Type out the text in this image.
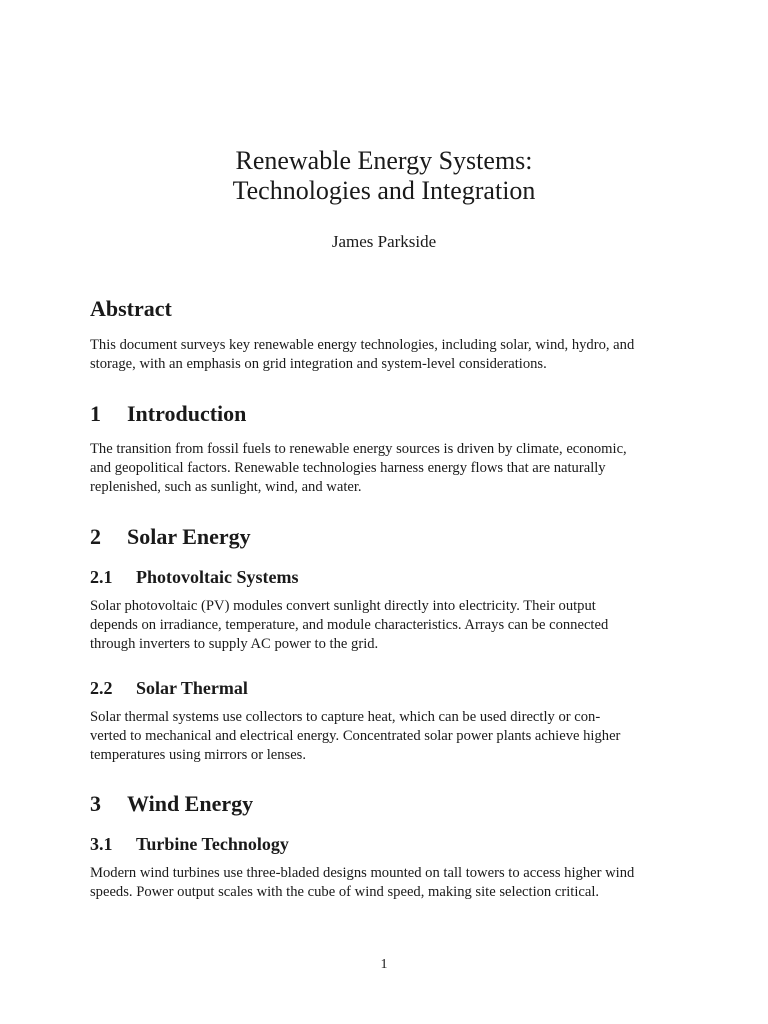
Renewable Energy Systems:
Technologies and Integration
James Parkside
Abstract
This document surveys key renewable energy technologies, including solar, wind, hydro, and
storage, with an emphasis on grid integration and system-level considerations.
1 Introduction
The transition from fossil fuels to renewable energy sources is driven by climate, economic,
and geopolitical factors. Renewable technologies harness energy flows that are naturally
replenished, such as sunlight, wind, and water.
2 Solar Energy
2.1 Photovoltaic Systems
Solar photovoltaic (PV) modules convert sunlight directly into electricity. Their output
depends on irradiance, temperature, and module characteristics. Arrays can be connected
through inverters to supply AC power to the grid.
2.2 Solar Thermal
Solar thermal systems use collectors to capture heat, which can be used directly or con-
verted to mechanical and electrical energy. Concentrated solar power plants achieve higher
temperatures using mirrors or lenses.
3 Wind Energy
3.1 Turbine Technology
Modern wind turbines use three-bladed designs mounted on tall towers to access higher wind
speeds. Power output scales with the cube of wind speed, making site selection critical.
1
